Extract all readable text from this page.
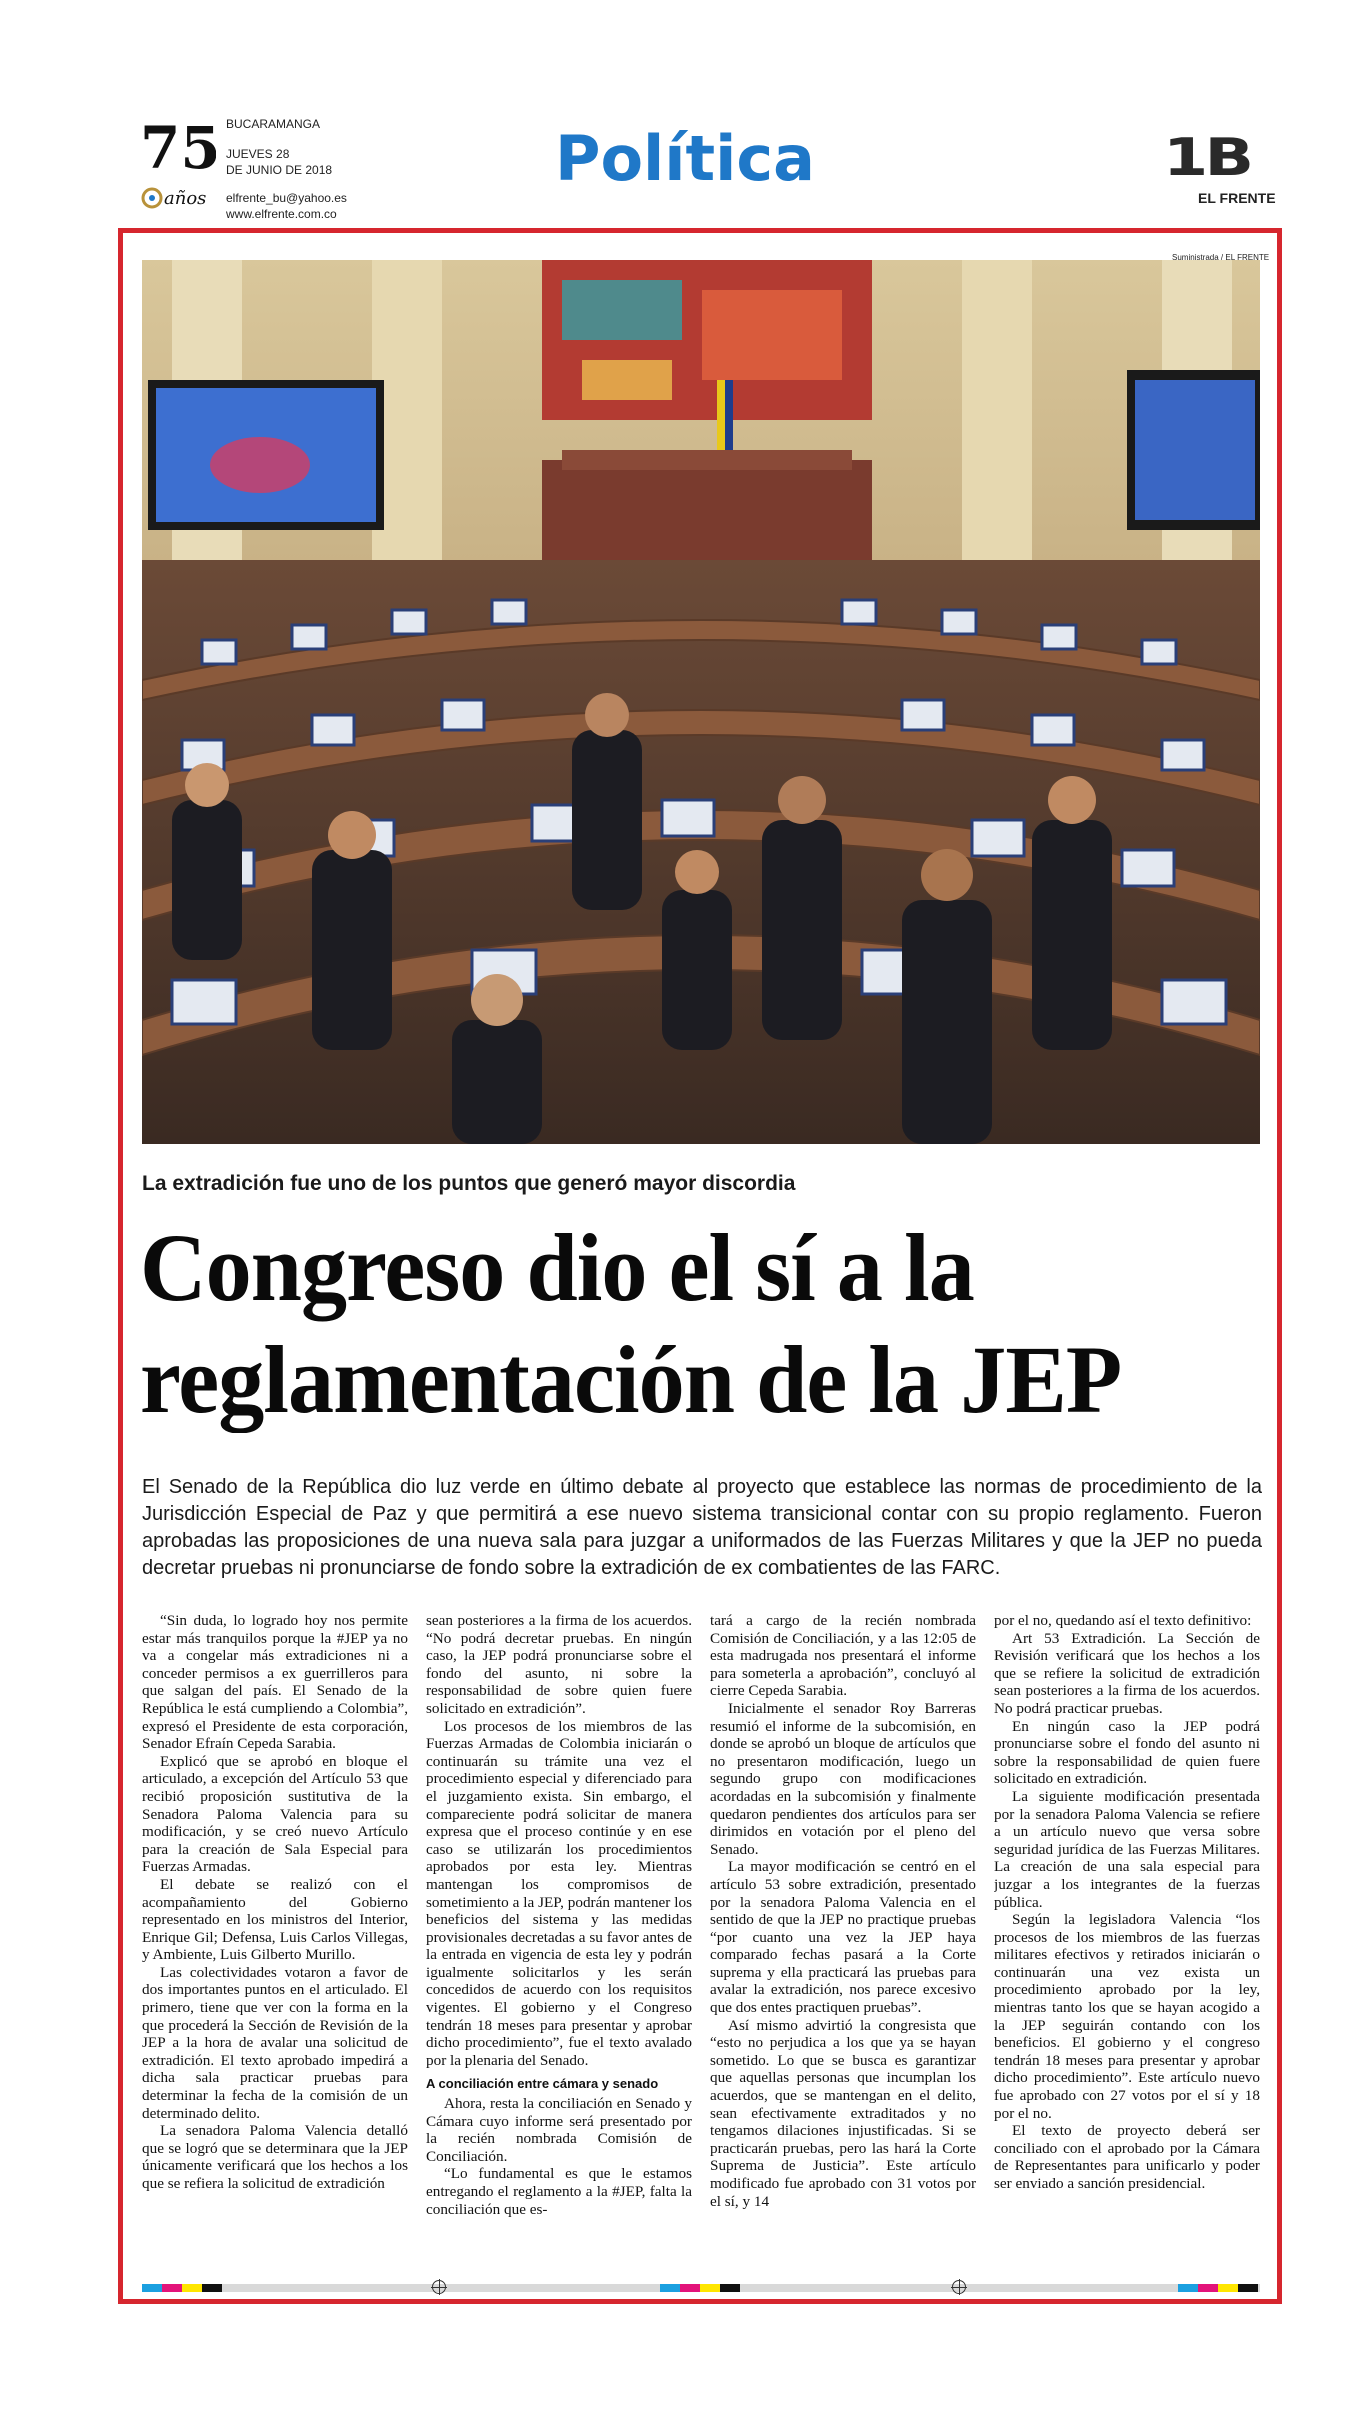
75
años
BUCARAMANGA
JUEVES 28
DE JUNIO DE 2018
elfrente_bu@yahoo.es
www.elfrente.com.co
Política	1B
EL FRENTE
Suministrada / EL FRENTE
La extradición fue uno de los puntos que generó mayor discordia
Congreso dio el sí a la
reglamentación de la JEP
El Senado de la República dio luz verde en último debate al proyecto que establece las normas de procedimiento de la Jurisdicción Especial de Paz y que permitirá a ese nuevo sistema transicional contar con su propio reglamento. Fueron aprobadas las proposiciones de una nueva sala para juzgar a uniformados de las Fuerzas Militares y que la JEP no pueda decretar pruebas ni pronunciarse de fondo sobre la extradición de ex combatientes de las FARC.

“Sin duda, lo logrado hoy nos permite estar más tranquilos porque la #JEP ya no va a congelar más extradiciones ni a conceder permisos a ex guerrilleros para que salgan del país. El Senado de la República le está cumpliendo a Colombia”, expresó el Presidente de esta corporación, Senador Efraín Cepeda Sarabia.

Explicó que se aprobó en bloque el articulado, a excepción del Artículo 53 que recibió proposición sustitutiva de la Senadora Paloma Valencia para su modificación, y se creó nuevo Artículo para la creación de Sala Especial para Fuerzas Armadas.

El debate se realizó con el acompañamiento del Gobierno representado en los ministros del Interior, Enrique Gil; Defensa, Luis Carlos Villegas, y Ambiente, Luis Gilberto Murillo.

Las colectividades votaron a favor de dos importantes puntos en el articulado. El primero, tiene que ver con la forma en la que procederá la Sección de Revisión de la JEP a la hora de avalar una solicitud de extradición. El texto aprobado impedirá a dicha sala practicar pruebas para determinar la fecha de la comisión de un determinado delito.

La senadora Paloma Valencia detalló que se logró que se determinara que la JEP únicamente verificará que los hechos a los que se refiera la solicitud de extradición

sean posteriores a la firma de los acuerdos. “No podrá decretar pruebas. En ningún caso, la JEP podrá pronunciarse sobre el fondo del asunto, ni sobre la responsabilidad de sobre quien fuere solicitado en extradición”.

Los procesos de los miembros de las Fuerzas Armadas de Colombia iniciarán o continuarán su trámite una vez el procedimiento especial y diferenciado para el juzgamiento exista. Sin embargo, el compareciente podrá solicitar de manera expresa que el proceso continúe y en ese caso se utilizarán los procedimientos aprobados por esta ley. Mientras mantengan los compromisos de sometimiento a la JEP, podrán mantener los beneficios del sistema y las medidas provisionales decretadas a su favor antes de la entrada en vigencia de esta ley y podrán igualmente solicitarlos y les serán concedidos de acuerdo con los requisitos vigentes. El gobierno y el Congreso tendrán 18 meses para presentar y aprobar dicho procedimiento”, fue el texto avalado por la plenaria del Senado.

A conciliación entre cámara y senado

Ahora, resta la conciliación en Senado y Cámara cuyo informe será presentado por la recién nombrada Comisión de Conciliación.

“Lo fundamental es que le estamos entregando el reglamento a la #JEP, falta la conciliación que es-

tará a cargo de la recién nombrada Comisión de Conciliación, y a las 12:05 de esta madrugada nos presentará el informe para someterla a aprobación”, concluyó al cierre Cepeda Sarabia.

Inicialmente el senador Roy Barreras resumió el informe de la subcomisión, en donde se aprobó un bloque de artículos que no presentaron modificación, luego un segundo grupo con modificaciones acordadas en la subcomisión y finalmente quedaron pendientes dos artículos para ser dirimidos en votación por el pleno del Senado.

La mayor modificación se centró en el artículo 53 sobre extradición, presentado por la senadora Paloma Valencia en el sentido de que la JEP no practique pruebas “por cuanto una vez la JEP haya comparado fechas pasará a la Corte suprema y ella practicará las pruebas para avalar la extradición, nos parece excesivo que dos entes practiquen pruebas”.

Así mismo advirtió la congresista que “esto no perjudica a los que ya se hayan sometido. Lo que se busca es garantizar que aquellas personas que incumplan los acuerdos, que se mantengan en el delito, sean efectivamente extraditados y no tengamos dilaciones injustificadas. Si se practicarán pruebas, pero las hará la Corte Suprema de Justicia”. Este artículo modificado fue aprobado con 31 votos por el sí, y 14

por el no, quedando así el texto definitivo:

Art 53 Extradición. La Sección de Revisión verificará que los hechos a los que se refiere la solicitud de extradición sean posteriores a la firma de los acuerdos. No podrá practicar pruebas.

En ningún caso la JEP podrá pronunciarse sobre el fondo del asunto ni sobre la responsabilidad de quien fuere solicitado en extradición.

La siguiente modificación presentada por la senadora Paloma Valencia se refiere a un artículo nuevo que versa sobre seguridad jurídica de las Fuerzas Militares. La creación de una sala especial para juzgar a los integrantes de la fuerzas pública.

Según la legisladora Valencia “los procesos de los miembros de las fuerzas militares efectivos y retirados iniciarán o continuarán una vez exista un procedimiento aprobado por la ley, mientras tanto los que se hayan acogido a la JEP seguirán contando con los beneficios. El gobierno y el congreso tendrán 18 meses para presentar y aprobar dicho procedimiento”. Este artículo nuevo fue aprobado con 27 votos por el sí y 18 por el no.

El texto de proyecto deberá ser conciliado con el aprobado por la Cámara de Representantes para unificarlo y poder ser enviado a sanción presidencial.
